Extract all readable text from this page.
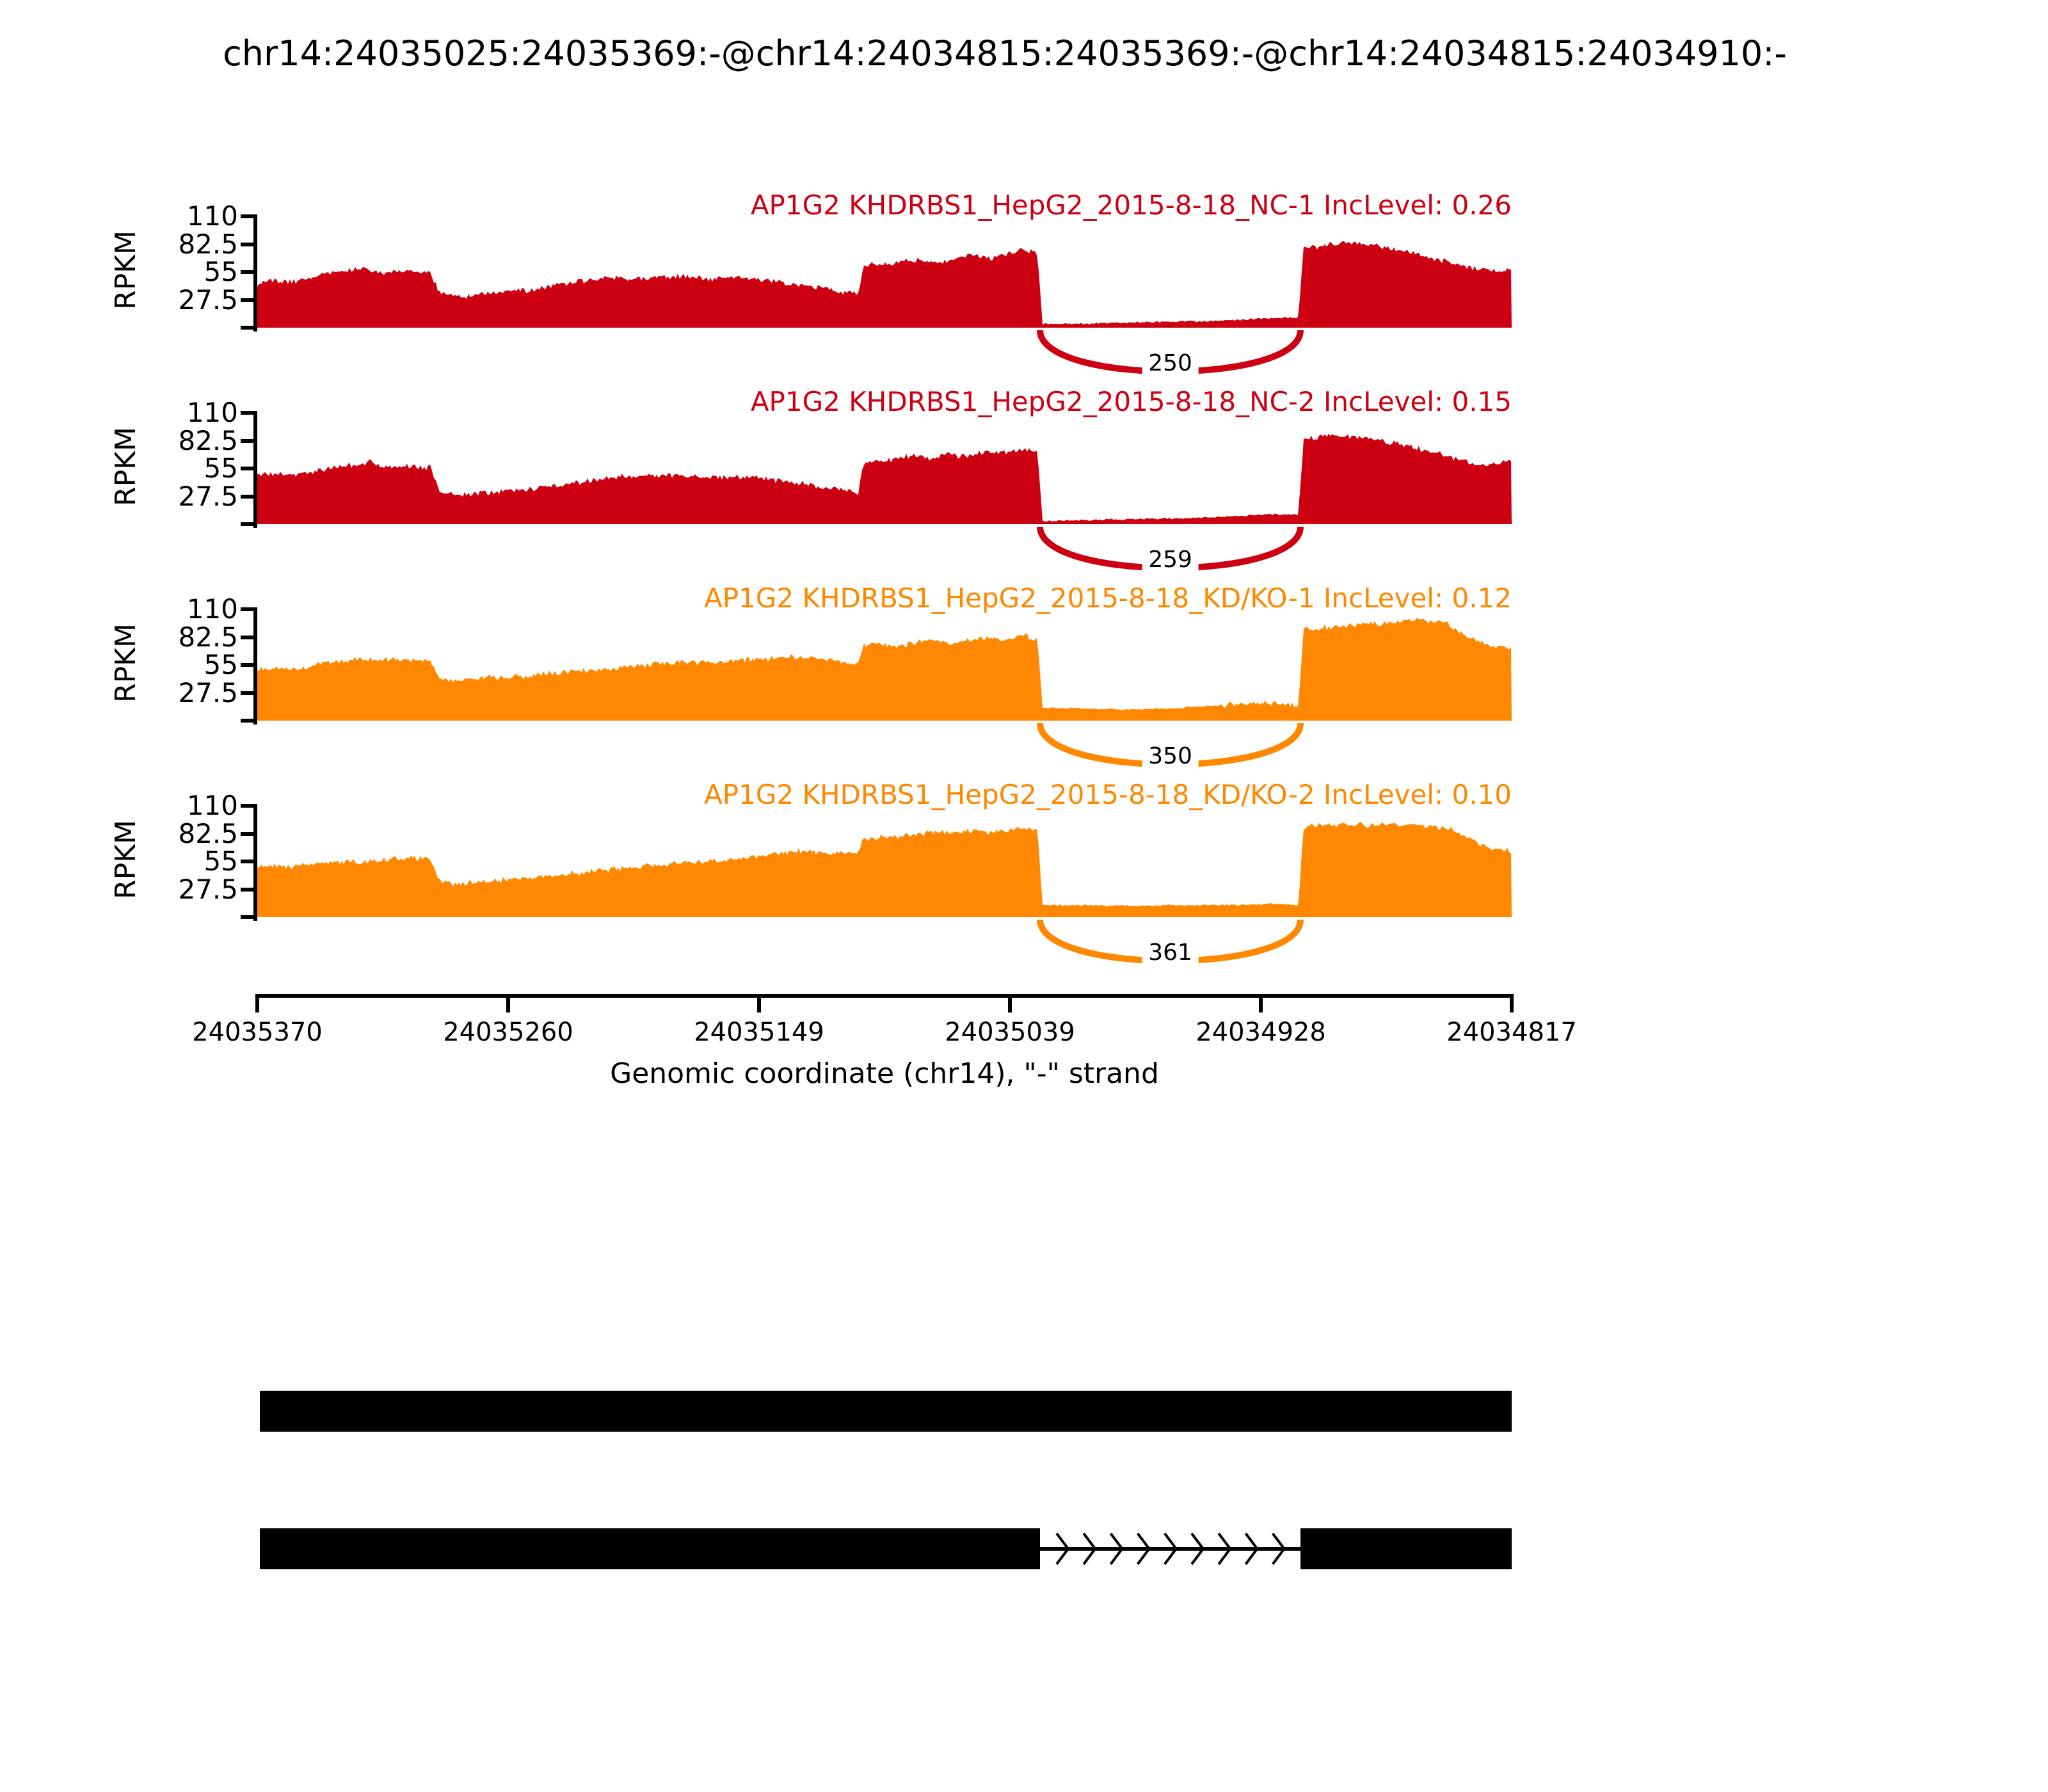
chr14:24035025:24035369:-@chr14:24034815:24035369:-@chr14:24034815:24034910:-
RPKM
110
82.5
55
27.5
AP1G2 KHDRBS1_HepG2_2015-8-18_NC-1 IncLevel: 0.26
250
RPKM
110
82.5
55
27.5
AP1G2 KHDRBS1_HepG2_2015-8-18_NC-2 IncLevel: 0.15
259
RPKM
110
82.5
55
27.5
AP1G2 KHDRBS1_HepG2_2015-8-18_KD/KO-1 IncLevel: 0.12
350
RPKM
110
82.5
55
27.5
AP1G2 KHDRBS1_HepG2_2015-8-18_KD/KO-2 IncLevel: 0.10
361
24035370	24035260	24035149	24035039	24034928	24034817
Genomic coordinate (chr14), "-" strand
